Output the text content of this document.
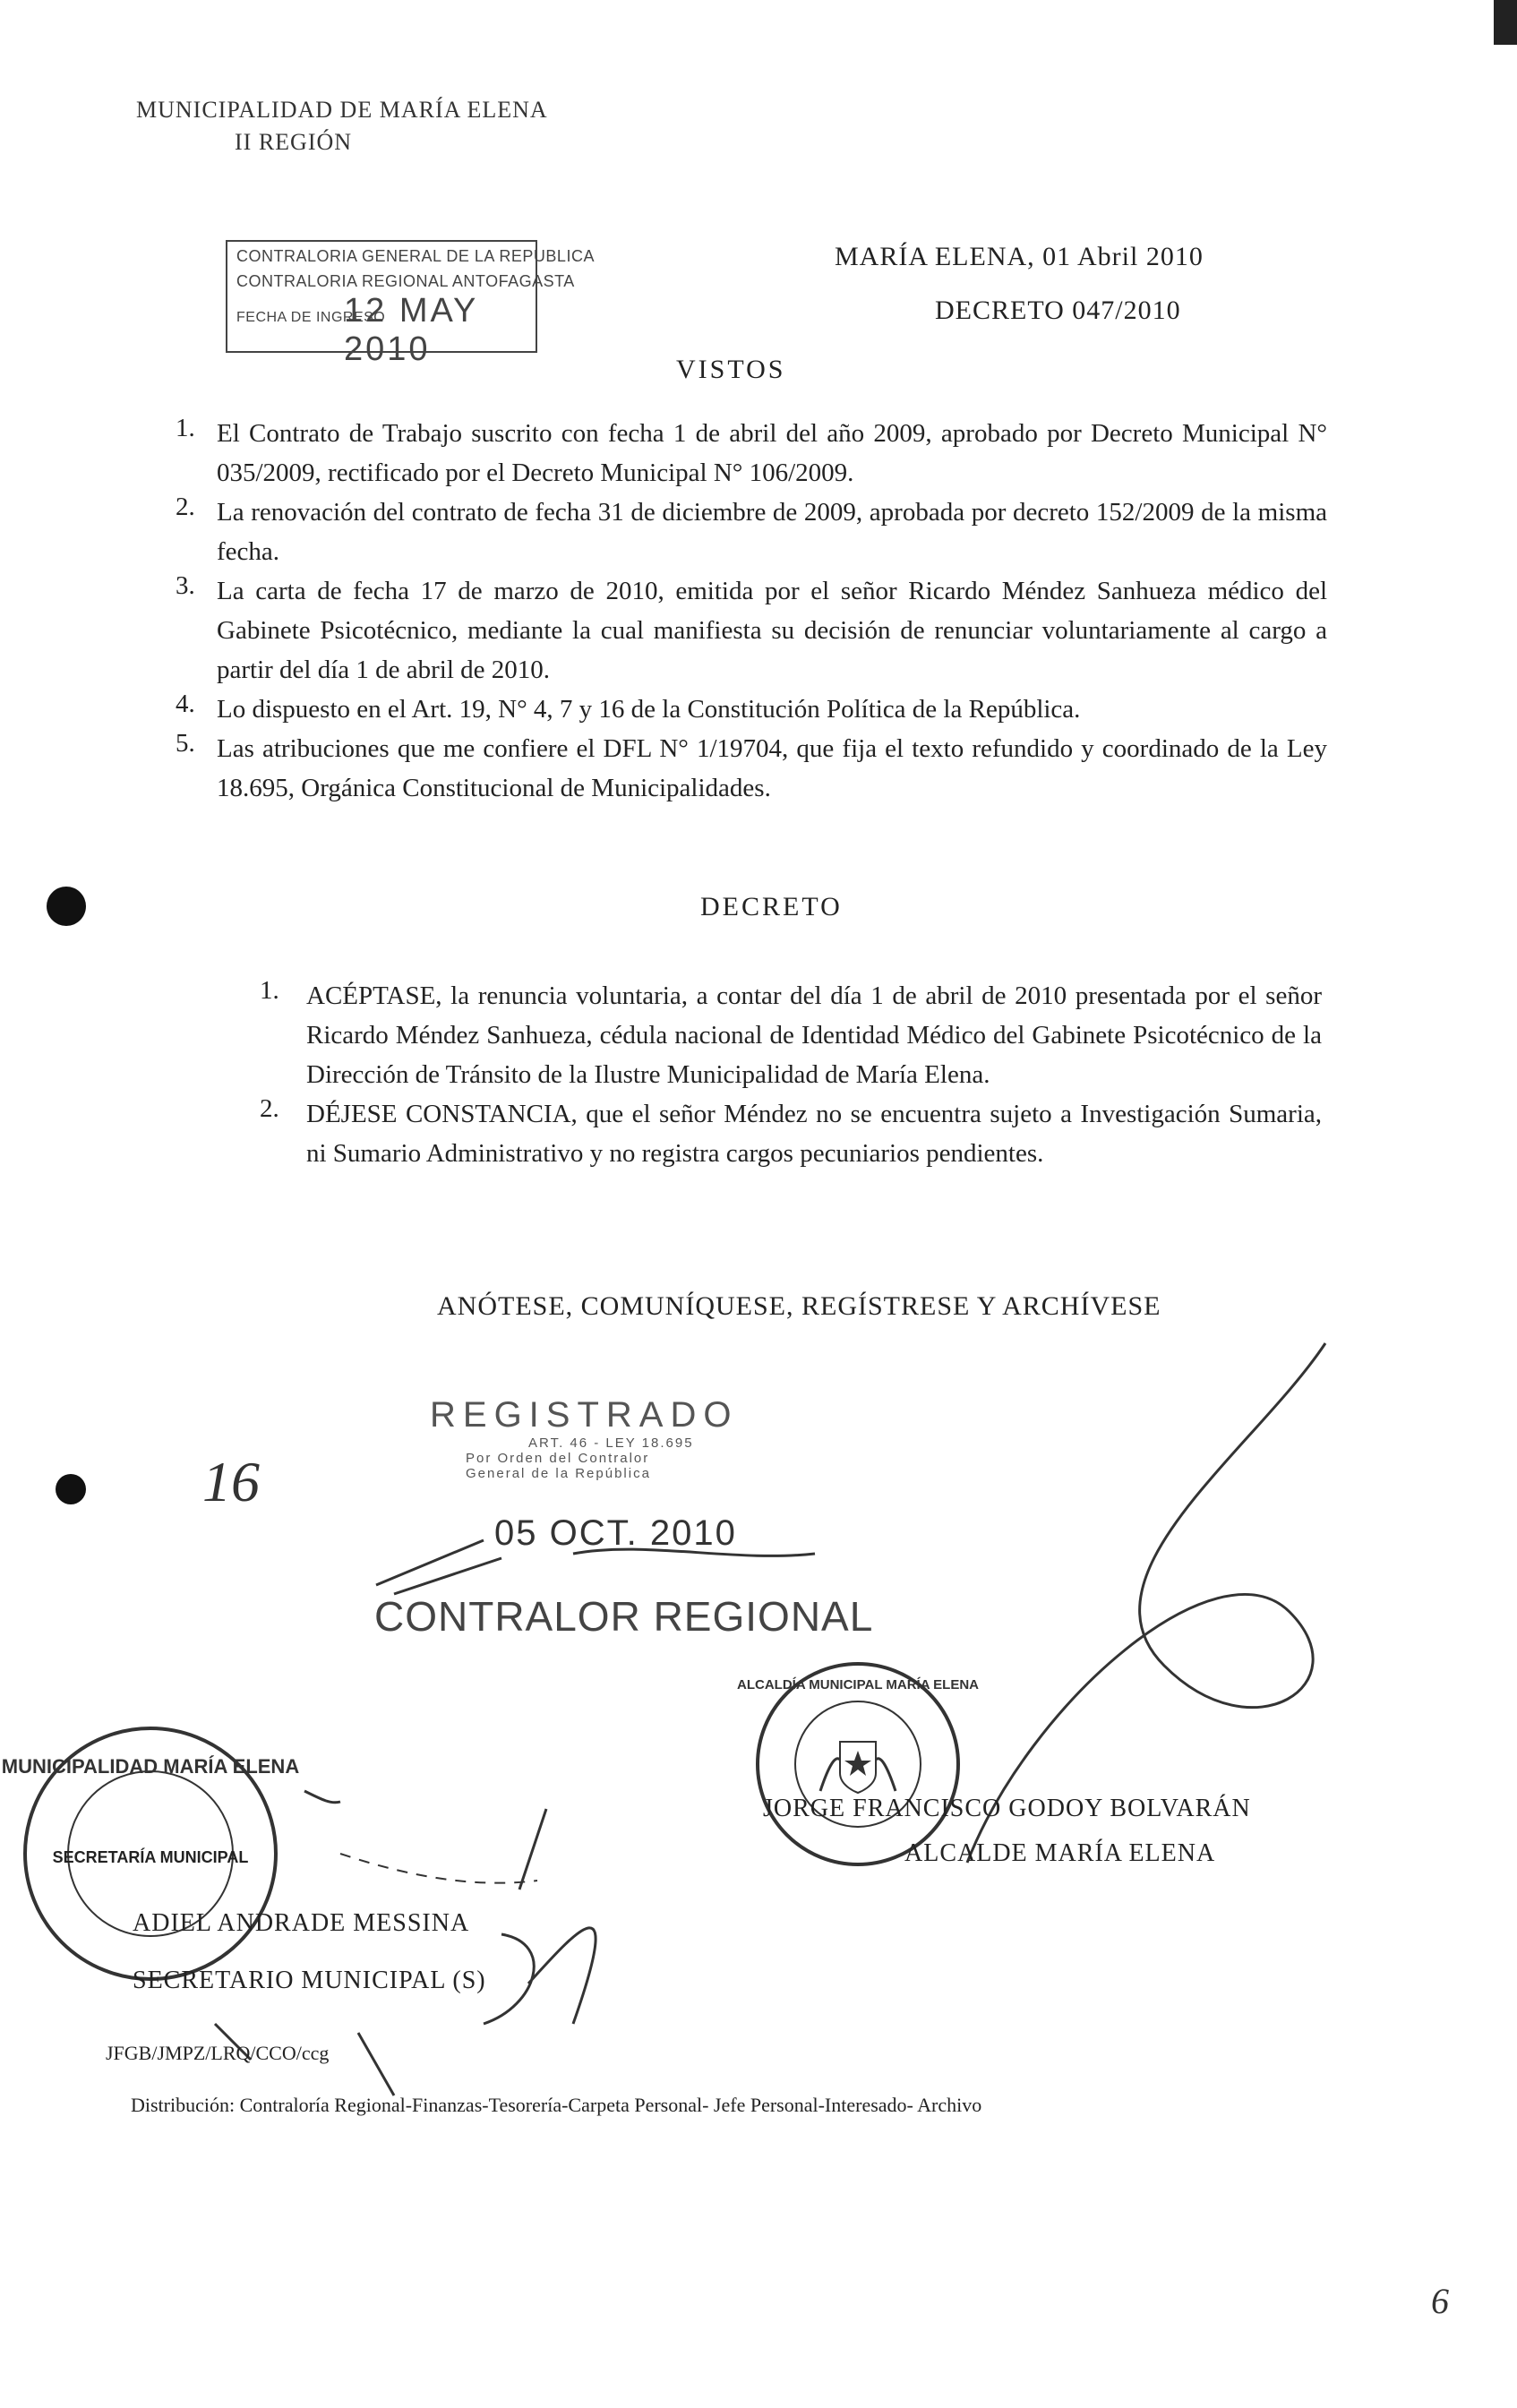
MUNICIPALIDAD DE MARÍA ELENA
II REGIÓN
CONTRALORIA GENERAL DE LA REPUBLICA
CONTRALORIA REGIONAL ANTOFAGASTA
FECHA DE INGRESO
12 MAY 2010
MARÍA ELENA, 01 Abril 2010
DECRETO 047/2010
VISTOS
1. El Contrato de Trabajo suscrito con fecha 1 de abril del año 2009, aprobado por Decreto Municipal N° 035/2009, rectificado por el Decreto Municipal N° 106/2009.
2. La renovación del contrato de fecha 31 de diciembre de 2009, aprobada por decreto 152/2009 de la misma fecha.
3. La carta de fecha 17 de marzo de 2010, emitida por el señor Ricardo Méndez Sanhueza médico del Gabinete Psicotécnico, mediante la cual manifiesta su decisión de renunciar voluntariamente al cargo a partir del día 1 de abril de 2010.
4. Lo dispuesto en el Art. 19, N° 4, 7 y 16 de la Constitución Política de la República.
5. Las atribuciones que me confiere el DFL N° 1/19704, que fija el texto refundido y coordinado de la Ley 18.695, Orgánica Constitucional de Municipalidades.
DECRETO
1. ACÉPTASE, la renuncia voluntaria, a contar del día 1 de abril de 2010 presentada por el señor Ricardo Méndez Sanhueza, cédula nacional de Identidad Médico del Gabinete Psicotécnico de la Dirección de Tránsito de la Ilustre Municipalidad de María Elena.
2. DÉJESE CONSTANCIA, que el señor Méndez no se encuentra sujeto a Investigación Sumaria, ni Sumario Administrativo y no registra cargos pecuniarios pendientes.
ANÓTESE, COMUNÍQUESE, REGÍSTRESE Y ARCHÍVESE
REGISTRADO
ART. 46 - LEY 18.695
Por Orden del Contralor
General de la República
05 OCT. 2010
CONTRALOR REGIONAL
16
MUNICIPALIDAD MARÍA ELENA
SECRETARÍA MUNICIPAL
ALCALDÍA MUNICIPAL MARÍA ELENA
ADIEL ANDRADE MESSINA
SECRETARIO MUNICIPAL (S)
JORGE FRANCISCO GODOY BOLVARÁN
ALCALDE MARÍA ELENA
JFGB/JMPZ/LRQ/CCO/ccg
Distribución: Contraloría Regional-Finanzas-Tesorería-Carpeta Personal- Jefe Personal-Interesado- Archivo
6
